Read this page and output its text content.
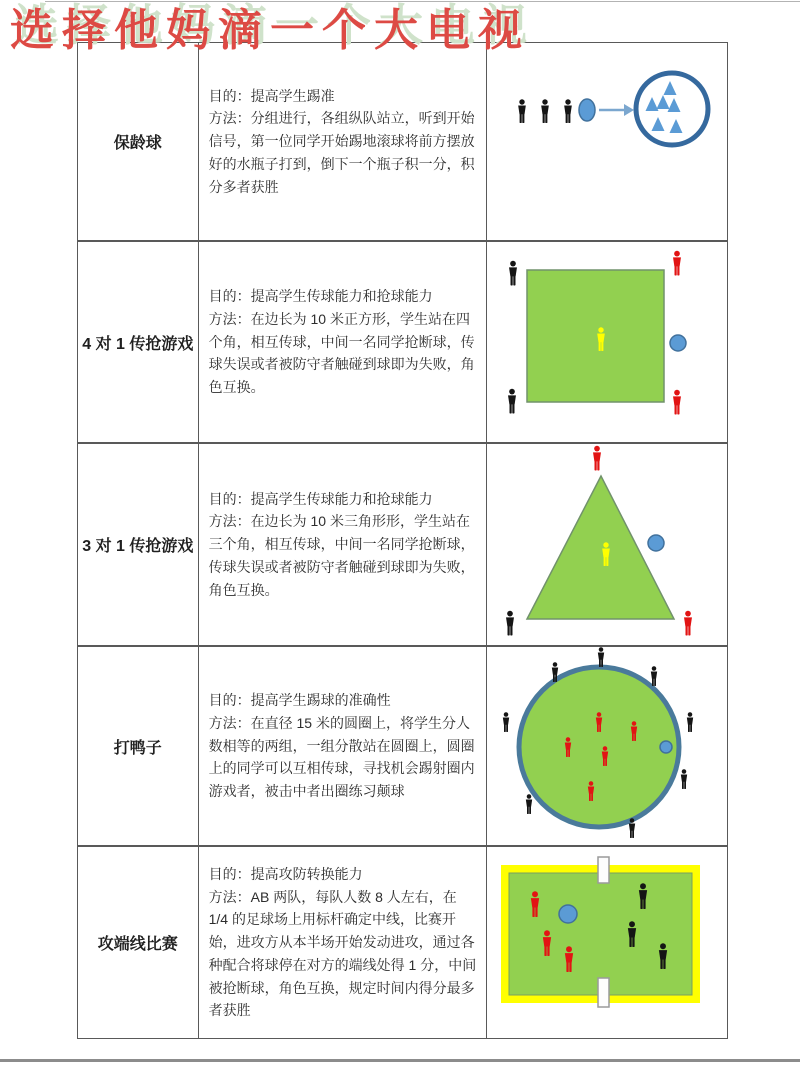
选择他妈滴一个大电视
保龄球
目的：提高学生踢准
方法：分组进行，各组纵队站立，听到开始信号，第一位同学开始踢地滚球将前方摆放好的水瓶子打到，倒下一个瓶子积一分，积分多者获胜
4 对 1 传抢游戏
目的：提高学生传球能力和抢球能力
方法：在边长为 10 米正方形，学生站在四个角，相互传球，中间一名同学抢断球，传球失误或者被防守者触碰到球即为失败，角色互换。
3 对 1 传抢游戏
目的：提高学生传球能力和抢球能力
方法：在边长为 10 米三角形形，学生站在三个角，相互传球，中间一名同学抢断球，传球失误或者被防守者触碰到球即为失败，角色互换。
打鸭子
目的：提高学生踢球的准确性
方法：在直径 15 米的圆圈上，将学生分人数相等的两组，一组分散站在圆圈上，圆圈上的同学可以互相传球，寻找机会踢射圈内游戏者，被击中者出圈练习颠球
攻端线比赛
目的：提高攻防转换能力
方法：AB 两队，每队人数 8 人左右，在 1/4 的足球场上用标杆确定中线，比赛开始，进攻方从本半场开始发动进攻，通过各种配合将球停在对方的端线处得 1 分，中间被抢断球，角色互换，规定时间内得分最多者获胜
